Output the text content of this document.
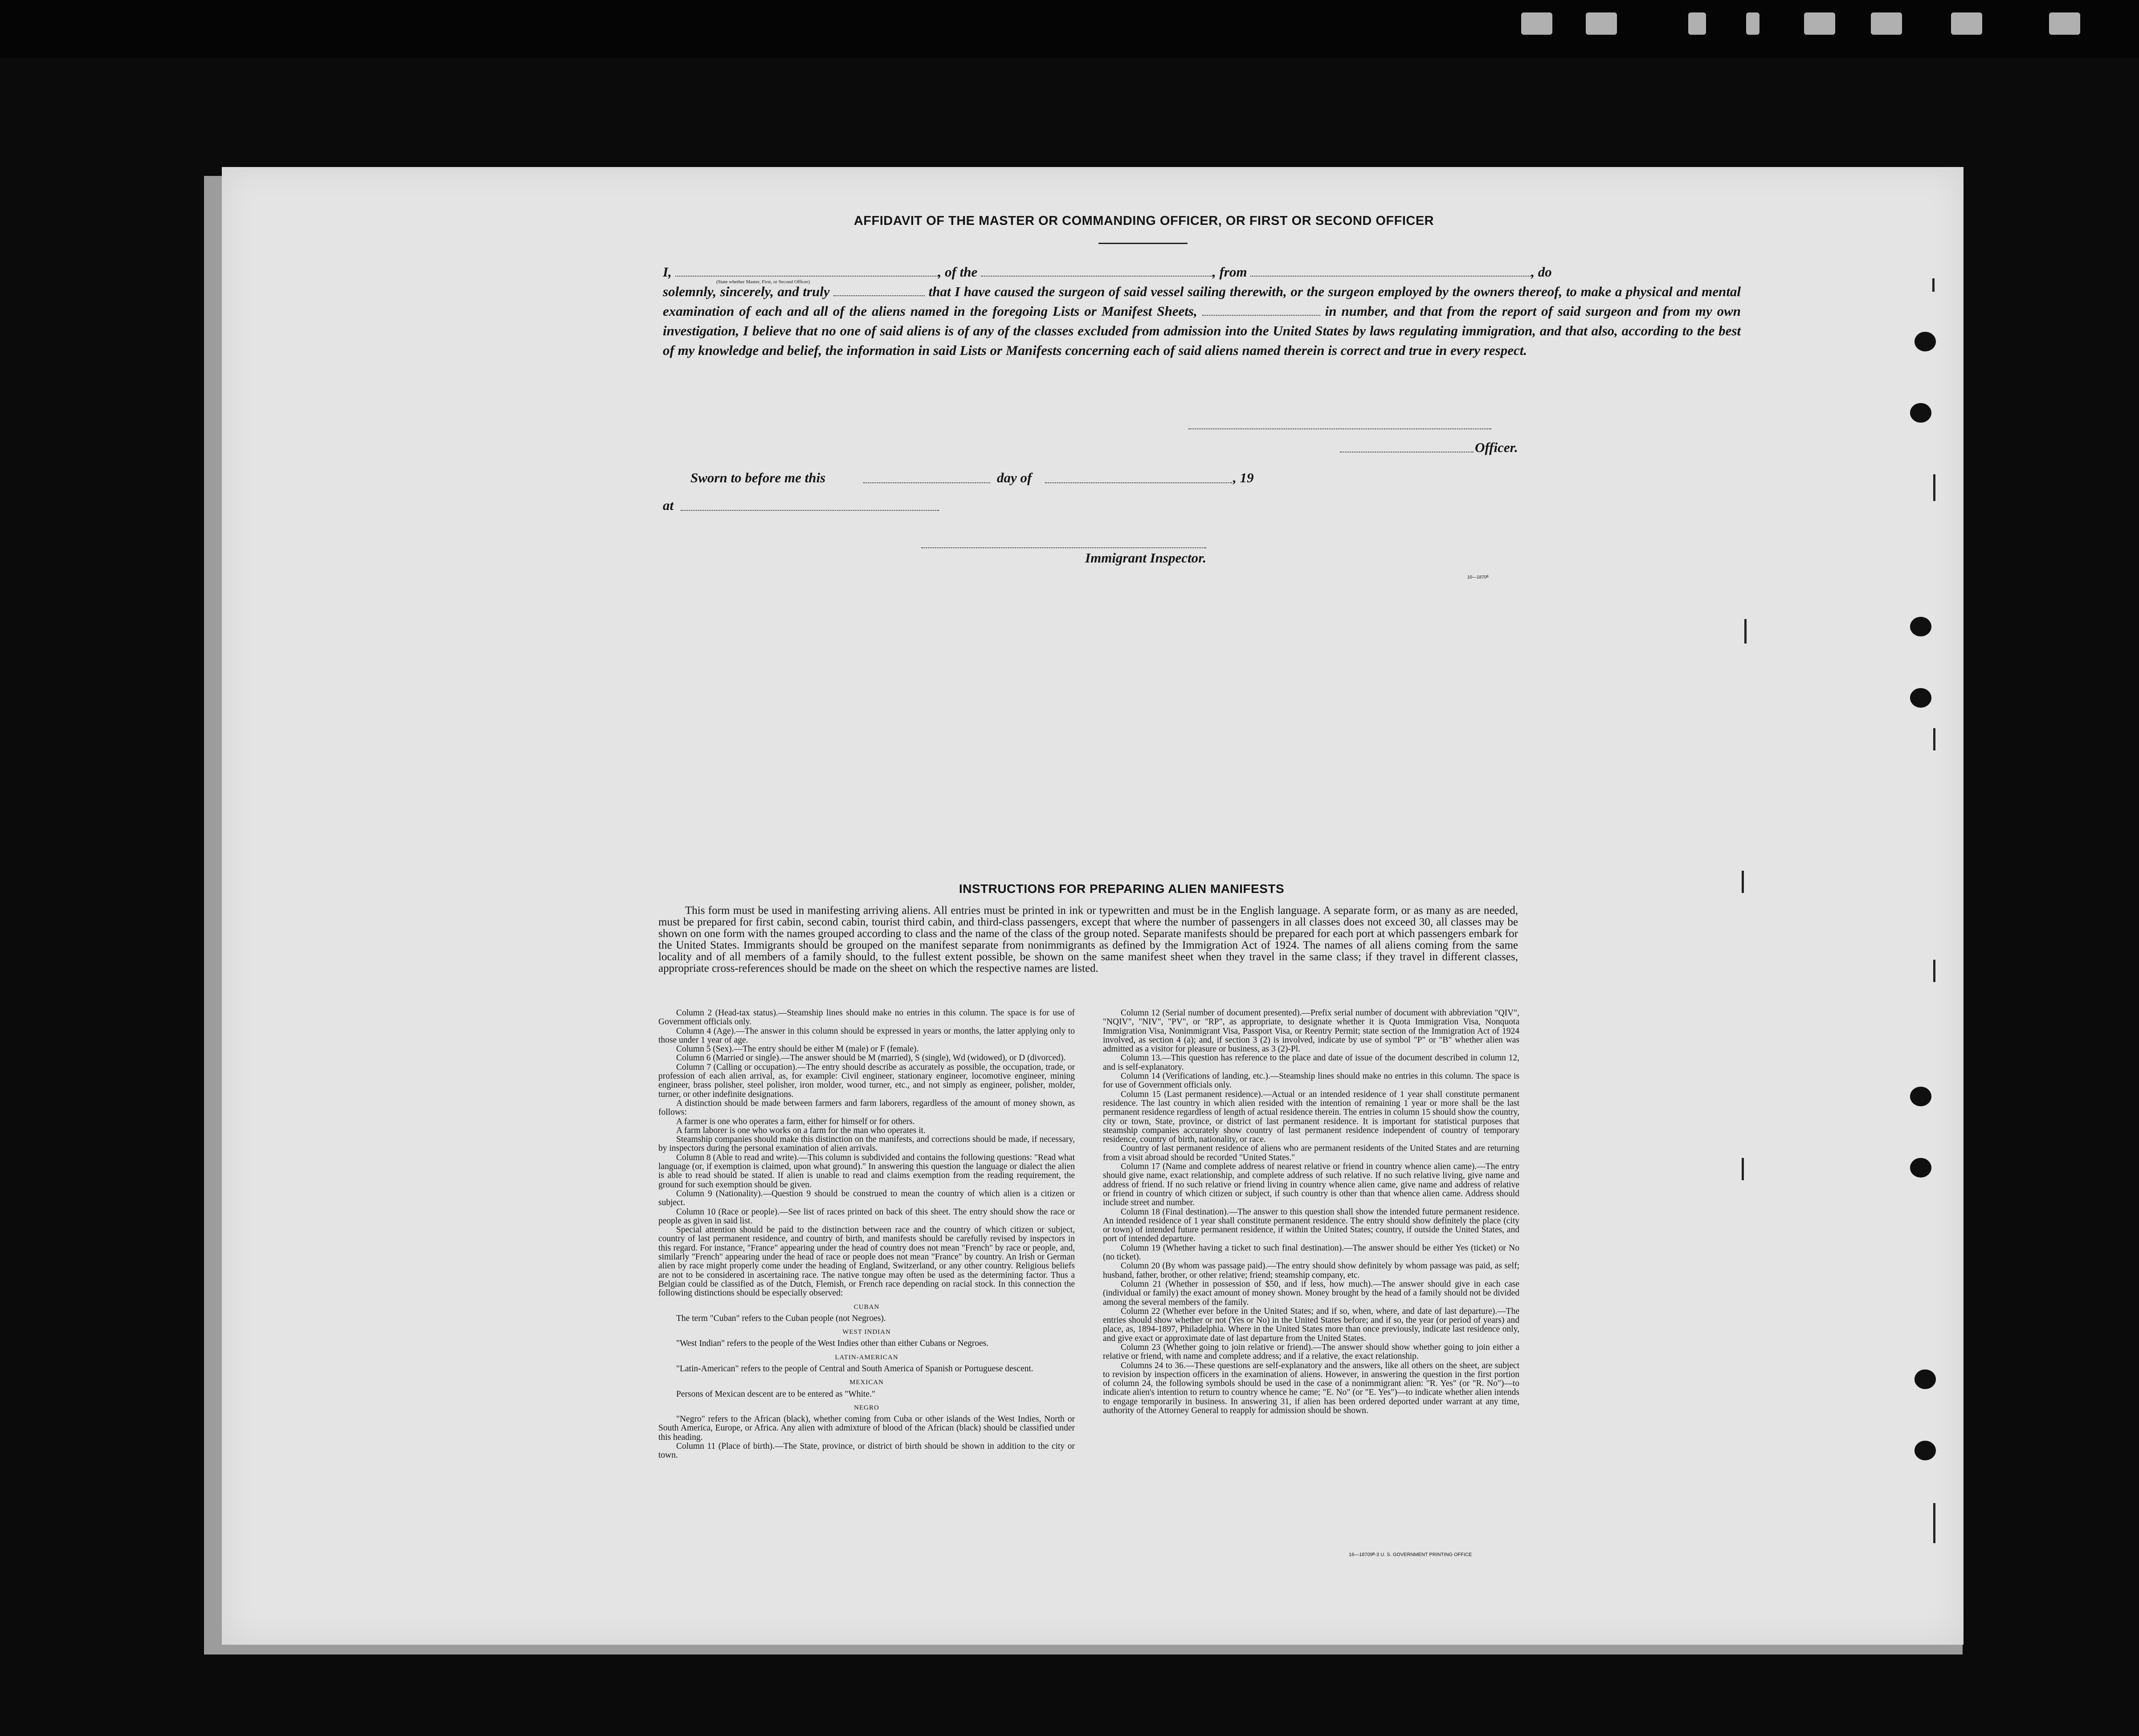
AFFIDAVIT OF THE MASTER OR COMMANDING OFFICER, OR FIRST OR SECOND OFFICER
I,	, of the	, from	, do
solemnly, sincerely, and truly	that I have caused the surgeon of said vessel sailing therewith, or the surgeon employed by the owners thereof, to make a physical and mental examination of each and all of the aliens named in the foregoing Lists or Manifest Sheets,	in number, and that from the report of said surgeon and from my own investigation, I believe that no one of said aliens is of any of the classes excluded from admission into the United States by laws regulating immigration, and that also, according to the best of my knowledge and belief, the information in said Lists or Manifests concerning each of said aliens named therein is correct and true in every respect.
(State whether Master, First, or Second Officer)
Officer.
Sworn to before me this	day of	, 19
at
Immigrant Inspector.
10—1870ᴮ
INSTRUCTIONS FOR PREPARING ALIEN MANIFESTS
This form must be used in manifesting arriving aliens. All entries must be printed in ink or typewritten and must be in the English language. A separate form, or as many as are needed, must be prepared for first cabin, second cabin, tourist third cabin, and third-class passengers, except that where the number of passengers in all classes does not exceed 30, all classes may be shown on one form with the names grouped according to class and the name of the class of the group noted. Separate manifests should be prepared for each port at which passengers embark for the United States. Immigrants should be grouped on the manifest separate from nonimmigrants as defined by the Immigration Act of 1924. The names of all aliens coming from the same locality and of all members of a family should, to the fullest extent possible, be shown on the same manifest sheet when they travel in the same class; if they travel in different classes, appropriate cross-references should be made on the sheet on which the respective names are listed.

Column 2 (Head-tax status).—Steamship lines should make no entries in this column. The space is for use of Government officials only.

Column 4 (Age).—The answer in this column should be expressed in years or months, the latter applying only to those under 1 year of age.

Column 5 (Sex).—The entry should be either M (male) or F (female).

Column 6 (Married or single).—The answer should be M (married), S (single), Wd (widowed), or D (divorced).

Column 7 (Calling or occupation).—The entry should describe as accurately as possible, the occupation, trade, or profession of each alien arrival, as, for example: Civil engineer, stationary engineer, locomotive engineer, mining engineer, brass polisher, steel polisher, iron molder, wood turner, etc., and not simply as engineer, polisher, molder, turner, or other indefinite designations.

A distinction should be made between farmers and farm laborers, regardless of the amount of money shown, as follows:

A farmer is one who operates a farm, either for himself or for others.

A farm laborer is one who works on a farm for the man who operates it.

Steamship companies should make this distinction on the manifests, and corrections should be made, if necessary, by inspectors during the personal examination of alien arrivals.

Column 8 (Able to read and write).—This column is subdivided and contains the following questions: "Read what language (or, if exemption is claimed, upon what ground)." In answering this question the language or dialect the alien is able to read should be stated. If alien is unable to read and claims exemption from the reading requirement, the ground for such exemption should be given.

Column 9 (Nationality).—Question 9 should be construed to mean the country of which alien is a citizen or subject.

Column 10 (Race or people).—See list of races printed on back of this sheet. The entry should show the race or people as given in said list.

Special attention should be paid to the distinction between race and the country of which citizen or subject, country of last permanent residence, and country of birth, and manifests should be carefully revised by inspectors in this regard. For instance, "France" appearing under the head of country does not mean "French" by race or people, and, similarly "French" appearing under the head of race or people does not mean "France" by country. An Irish or German alien by race might properly come under the heading of England, Switzerland, or any other country. Religious beliefs are not to be considered in ascertaining race. The native tongue may often be used as the determining factor. Thus a Belgian could be classified as of the Dutch, Flemish, or French race depending on racial stock. In this connection the following distinctions should be especially observed:

CUBAN

The term "Cuban" refers to the Cuban people (not Negroes).

WEST INDIAN

"West Indian" refers to the people of the West Indies other than either Cubans or Negroes.

LATIN-AMERICAN

"Latin-American" refers to the people of Central and South America of Spanish or Portuguese descent.

MEXICAN

Persons of Mexican descent are to be entered as "White."

NEGRO

"Negro" refers to the African (black), whether coming from Cuba or other islands of the West Indies, North or South America, Europe, or Africa. Any alien with admixture of blood of the African (black) should be classified under this heading.

Column 11 (Place of birth).—The State, province, or district of birth should be shown in addition to the city or town.

Column 12 (Serial number of document presented).—Prefix serial number of document with abbreviation "QIV", "NQIV", "NIV", "PV", or "RP", as appropriate, to designate whether it is Quota Immigration Visa, Nonquota Immigration Visa, Nonimmigrant Visa, Passport Visa, or Reentry Permit; state section of the Immigration Act of 1924 involved, as section 4 (a); and, if section 3 (2) is involved, indicate by use of symbol "P" or "B" whether alien was admitted as a visitor for pleasure or business, as 3 (2)-Pl.

Column 13.—This question has reference to the place and date of issue of the document described in column 12, and is self-explanatory.

Column 14 (Verifications of landing, etc.).—Steamship lines should make no entries in this column. The space is for use of Government officials only.

Column 15 (Last permanent residence).—Actual or an intended residence of 1 year shall constitute permanent residence. The last country in which alien resided with the intention of remaining 1 year or more shall be the last permanent residence regardless of length of actual residence therein. The entries in column 15 should show the country, city or town, State, province, or district of last permanent residence. It is important for statistical purposes that steamship companies accurately show country of last permanent residence independent of country of temporary residence, country of birth, nationality, or race.

Country of last permanent residence of aliens who are permanent residents of the United States and are returning from a visit abroad should be recorded "United States."

Column 17 (Name and complete address of nearest relative or friend in country whence alien came).—The entry should give name, exact relationship, and complete address of such relative. If no such relative living, give name and address of friend. If no such relative or friend living in country whence alien came, give name and address of relative or friend in country of which citizen or subject, if such country is other than that whence alien came. Address should include street and number.

Column 18 (Final destination).—The answer to this question shall show the intended future permanent residence. An intended residence of 1 year shall constitute permanent residence. The entry should show definitely the place (city or town) of intended future permanent residence, if within the United States; country, if outside the United States, and port of intended departure.

Column 19 (Whether having a ticket to such final destination).—The answer should be either Yes (ticket) or No (no ticket).

Column 20 (By whom was passage paid).—The entry should show definitely by whom passage was paid, as self; husband, father, brother, or other relative; friend; steamship company, etc.

Column 21 (Whether in possession of $50, and if less, how much).—The answer should give in each case (individual or family) the exact amount of money shown. Money brought by the head of a family should not be divided among the several members of the family.

Column 22 (Whether ever before in the United States; and if so, when, where, and date of last departure).—The entries should show whether or not (Yes or No) in the United States before; and if so, the year (or period of years) and place, as, 1894-1897, Philadelphia. Where in the United States more than once previously, indicate last residence only, and give exact or approximate date of last departure from the United States.

Column 23 (Whether going to join relative or friend).—The answer should show whether going to join either a relative or friend, with name and complete address; and if a relative, the exact relationship.

Columns 24 to 36.—These questions are self-explanatory and the answers, like all others on the sheet, are subject to revision by inspection officers in the examination of aliens. However, in answering the question in the first portion of column 24, the following symbols should be used in the case of a nonimmigrant alien: "R. Yes" (or "R. No")—to indicate alien's intention to return to country whence he came; "E. No" (or "E. Yes")—to indicate whether alien intends to engage temporarily in business. In answering 31, if alien has been ordered deported under warrant at any time, authority of the Attorney General to reapply for admission should be shown.

16—18709ᴮ-3 U. S. GOVERNMENT PRINTING OFFICE
